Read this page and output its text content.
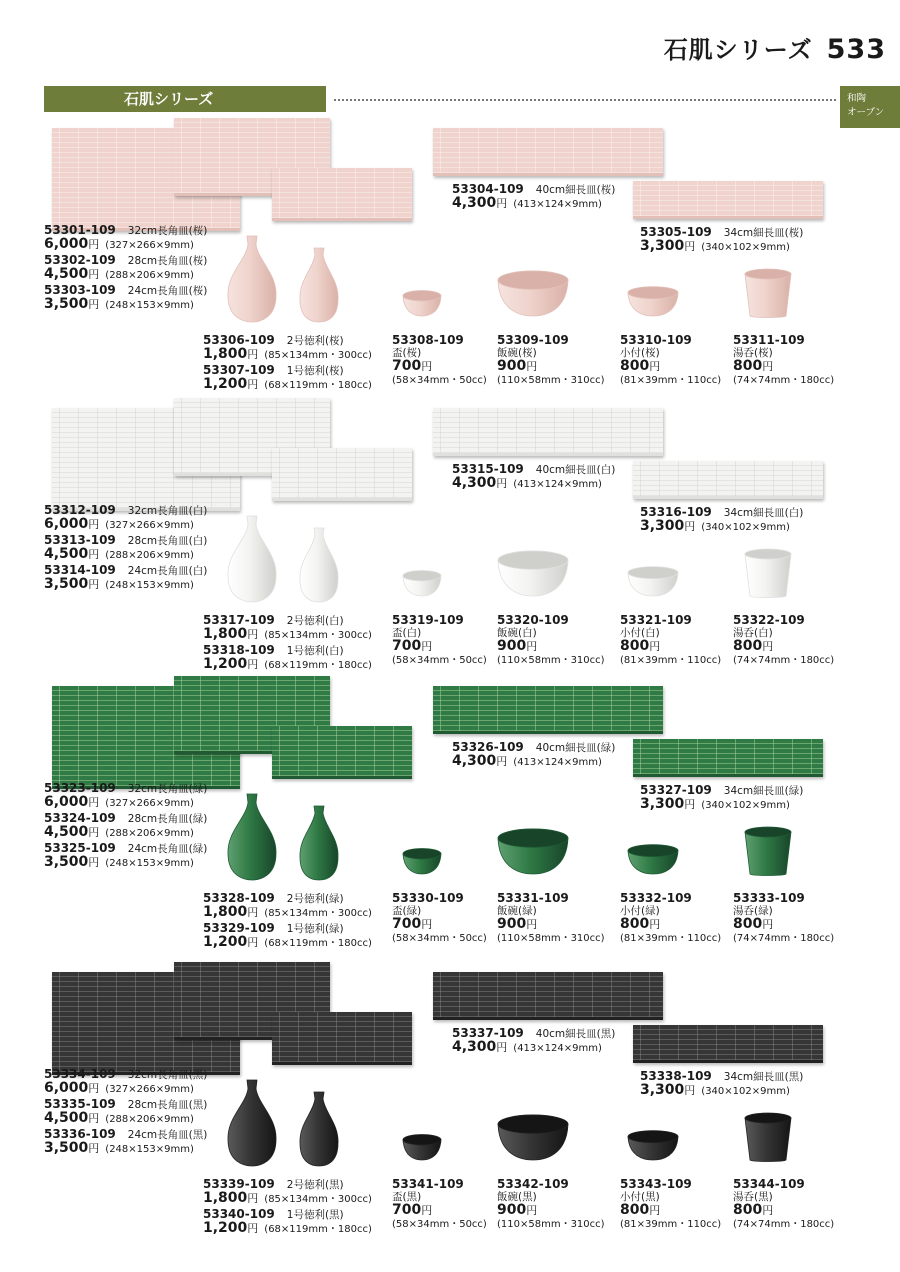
石肌シリーズ 533
石肌シリーズ	和陶
オーブン
53301-109 32cm長角皿(桜)
6,000円 (327×266×9mm)
53302-109 28cm長角皿(桜)
4,500円 (288×206×9mm)
53303-109 24cm長角皿(桜)
3,500円 (248×153×9mm)
53304-109 40cm細長皿(桜)
4,300円 (413×124×9mm)
53305-109 34cm細長皿(桜)
3,300円 (340×102×9mm)
53306-109 2号徳利(桜)
1,800円 (85×134mm・300cc)
53307-109 1号徳利(桜)
1,200円 (68×119mm・180cc)
53308-109
盃(桜)
700円
(58×34mm・50cc)
53309-109
飯碗(桜)
900円
(110×58mm・310cc)
53310-109
小付(桜)
800円
(81×39mm・110cc)
53311-109
湯呑(桜)
800円
(74×74mm・180cc)
53312-109 32cm長角皿(白)
6,000円 (327×266×9mm)
53313-109 28cm長角皿(白)
4,500円 (288×206×9mm)
53314-109 24cm長角皿(白)
3,500円 (248×153×9mm)
53315-109 40cm細長皿(白)
4,300円 (413×124×9mm)
53316-109 34cm細長皿(白)
3,300円 (340×102×9mm)
53317-109 2号徳利(白)
1,800円 (85×134mm・300cc)
53318-109 1号徳利(白)
1,200円 (68×119mm・180cc)
53319-109
盃(白)
700円
(58×34mm・50cc)
53320-109
飯碗(白)
900円
(110×58mm・310cc)
53321-109
小付(白)
800円
(81×39mm・110cc)
53322-109
湯呑(白)
800円
(74×74mm・180cc)
53323-109 32cm長角皿(緑)
6,000円 (327×266×9mm)
53324-109 28cm長角皿(緑)
4,500円 (288×206×9mm)
53325-109 24cm長角皿(緑)
3,500円 (248×153×9mm)
53326-109 40cm細長皿(緑)
4,300円 (413×124×9mm)
53327-109 34cm細長皿(緑)
3,300円 (340×102×9mm)
53328-109 2号徳利(緑)
1,800円 (85×134mm・300cc)
53329-109 1号徳利(緑)
1,200円 (68×119mm・180cc)
53330-109
盃(緑)
700円
(58×34mm・50cc)
53331-109
飯碗(緑)
900円
(110×58mm・310cc)
53332-109
小付(緑)
800円
(81×39mm・110cc)
53333-109
湯呑(緑)
800円
(74×74mm・180cc)
53334-109 32cm長角皿(黒)
6,000円 (327×266×9mm)
53335-109 28cm長角皿(黒)
4,500円 (288×206×9mm)
53336-109 24cm長角皿(黒)
3,500円 (248×153×9mm)
53337-109 40cm細長皿(黒)
4,300円 (413×124×9mm)
53338-109 34cm細長皿(黒)
3,300円 (340×102×9mm)
53339-109 2号徳利(黒)
1,800円 (85×134mm・300cc)
53340-109 1号徳利(黒)
1,200円 (68×119mm・180cc)
53341-109
盃(黒)
700円
(58×34mm・50cc)
53342-109
飯碗(黒)
900円
(110×58mm・310cc)
53343-109
小付(黒)
800円
(81×39mm・110cc)
53344-109
湯呑(黒)
800円
(74×74mm・180cc)
